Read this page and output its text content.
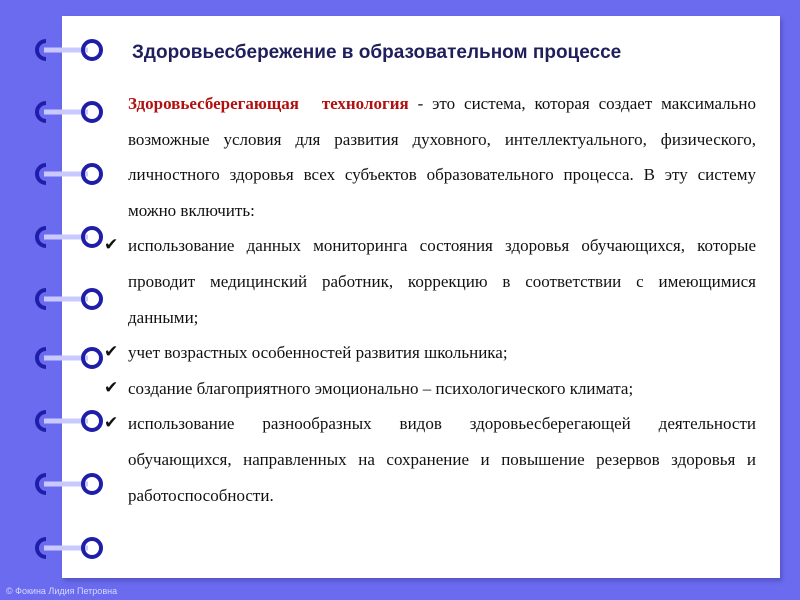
Здоровьесбережение в образовательном процессе

Здоровьесберегающая технология - это система, которая создает максимально возможные условия для развития духовного, интеллектуального, физического, личностного здоровья всех субъектов образовательного процесса. В эту систему можно включить:

✔ использование данных мониторинга состояния здоровья обучающихся, которые проводит медицинский работник, коррекцию в соответствии с имеющимися данными;

✔ учет возрастных особенностей развития школьника;

✔ создание благоприятного эмоционально – психологического климата;

✔ использование разнообразных видов здоровьесберегающей деятельности обучающихся, направленных на сохранение и повышение резервов здоровья и работоспособности.

© Фокина Лидия Петровна
